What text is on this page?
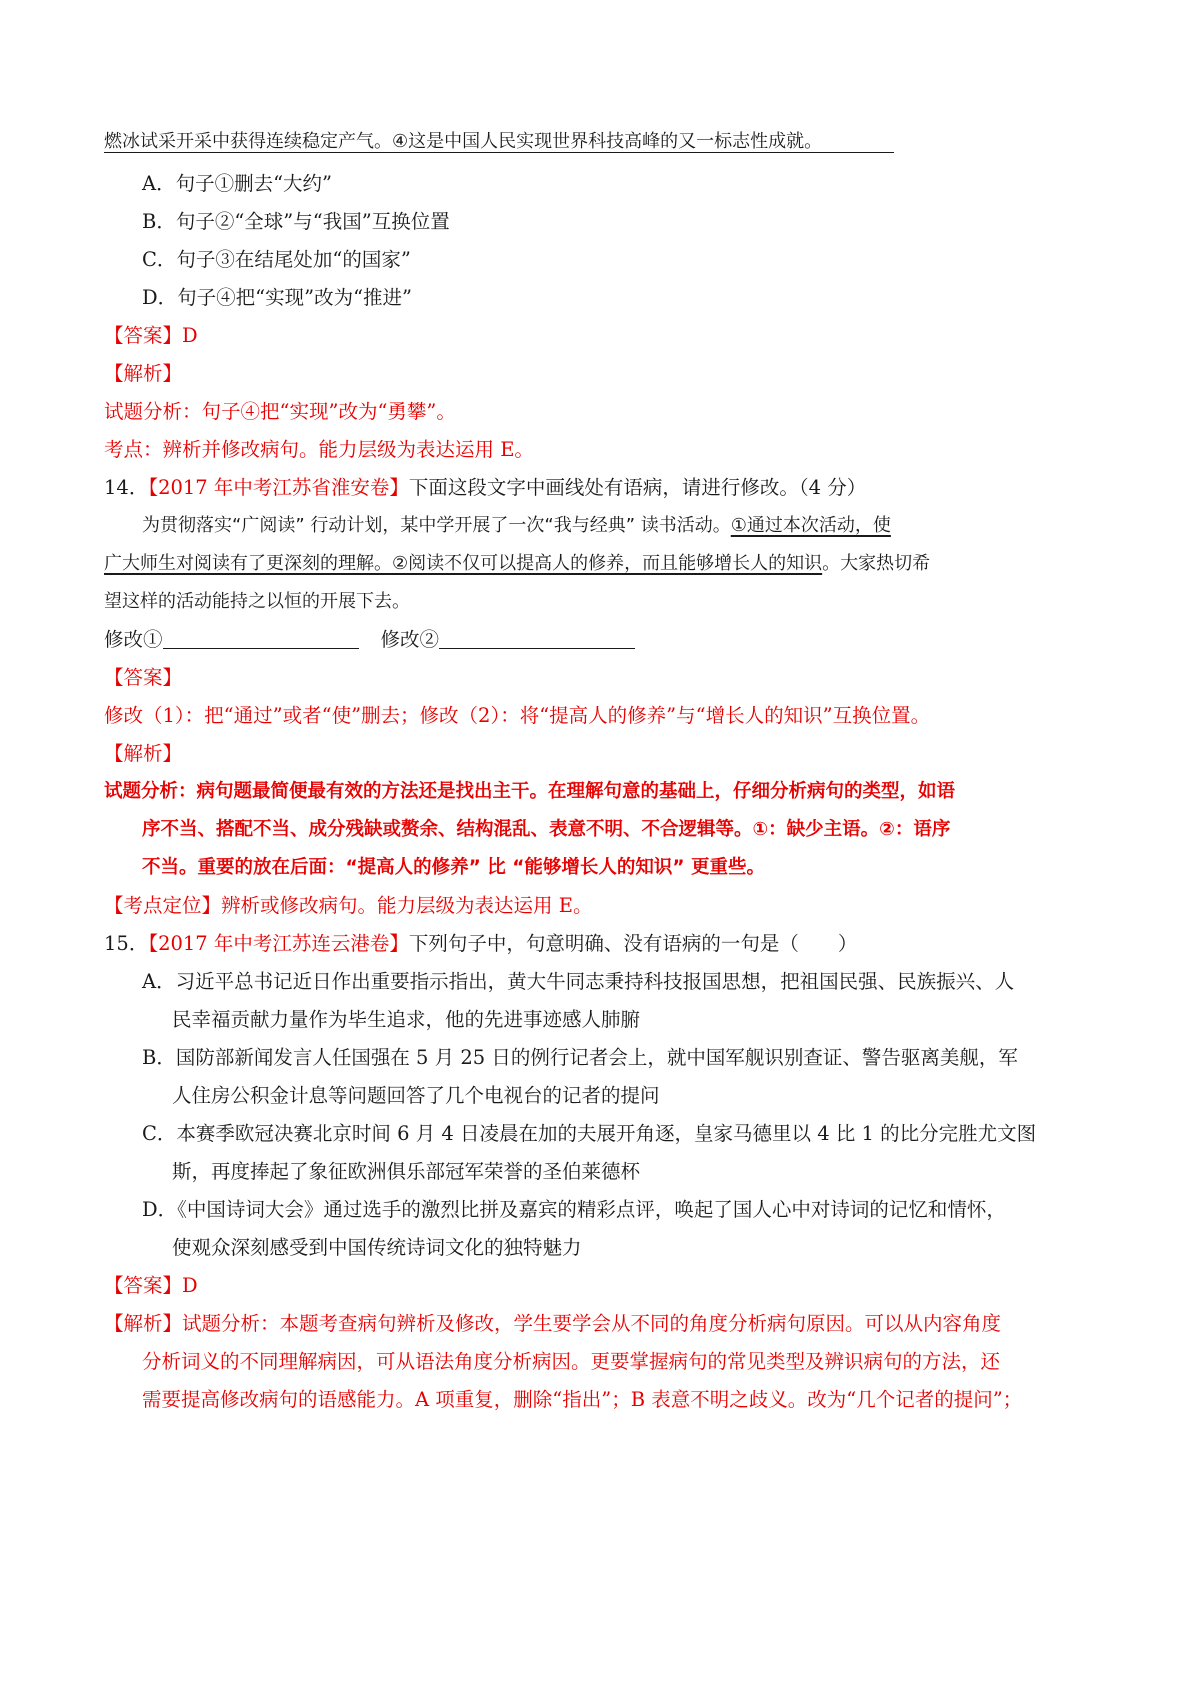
燃冰试采开采中获得连续稳定产气。④这是中国人民实现世界科技高峰的又一标志性成就。
A．句子①删去“大约”
B．句子②“全球”与“我国”互换位置
C．句子③在结尾处加“的国家”
D．句子④把“实现”改为“推进”
【答案】D
【解析】
试题分析：句子④把“实现”改为“勇攀”。
考点：辨析并修改病句。能力层级为表达运用 E。
14．【2017 年中考江苏省淮安卷】下面这段文字中画线处有语病，请进行修改。（4 分）
为贯彻落实“广阅读” 行动计划，某中学开展了一次“我与经典” 读书活动。①通过本次活动，使
广大师生对阅读有了更深刻的理解。②阅读不仅可以提高人的修养，而且能够增长人的知识。大家热切希
望这样的活动能持之以恒的开展下去。
修改①	修改②
【答案】
修改（1）：把“通过”或者“使”删去；修改（2）：将“提高人的修养”与“增长人的知识”互换位置。
【解析】
试题分析：病句题最简便最有效的方法还是找出主干。在理解句意的基础上，仔细分析病句的类型，如语
序不当、搭配不当、成分残缺或赘余、结构混乱、表意不明、不合逻辑等。①：缺少主语。②：语序
不当。重要的放在后面：“提高人的修养” 比 “能够增长人的知识” 更重些。
【考点定位】辨析或修改病句。能力层级为表达运用 E。
15．【2017 年中考江苏连云港卷】下列句子中，句意明确、没有语病的一句是（　　）
A．习近平总书记近日作出重要指示指出，黄大牛同志秉持科技报国思想，把祖国民强、民族振兴、人
民幸福贡献力量作为毕生追求，他的先进事迹感人肺腑
B．国防部新闻发言人任国强在 5 月 25 日的例行记者会上，就中国军舰识别查证、警告驱离美舰，军
人住房公积金计息等问题回答了几个电视台的记者的提问
C．本赛季欧冠决赛北京时间 6 月 4 日凌晨在加的夫展开角逐，皇家马德里以 4 比 1 的比分完胜尤文图
斯，再度捧起了象征欧洲俱乐部冠军荣誉的圣伯莱德杯
D．《中国诗词大会》通过选手的激烈比拼及嘉宾的精彩点评，唤起了国人心中对诗词的记忆和情怀，
使观众深刻感受到中国传统诗词文化的独特魅力
【答案】D
【解析】试题分析：本题考查病句辨析及修改，学生要学会从不同的角度分析病句原因。可以从内容角度
分析词义的不同理解病因，可从语法角度分析病因。更要掌握病句的常见类型及辨识病句的方法，还
需要提高修改病句的语感能力。A 项重复，删除“指出”；B 表意不明之歧义。改为“几个记者的提问”；
